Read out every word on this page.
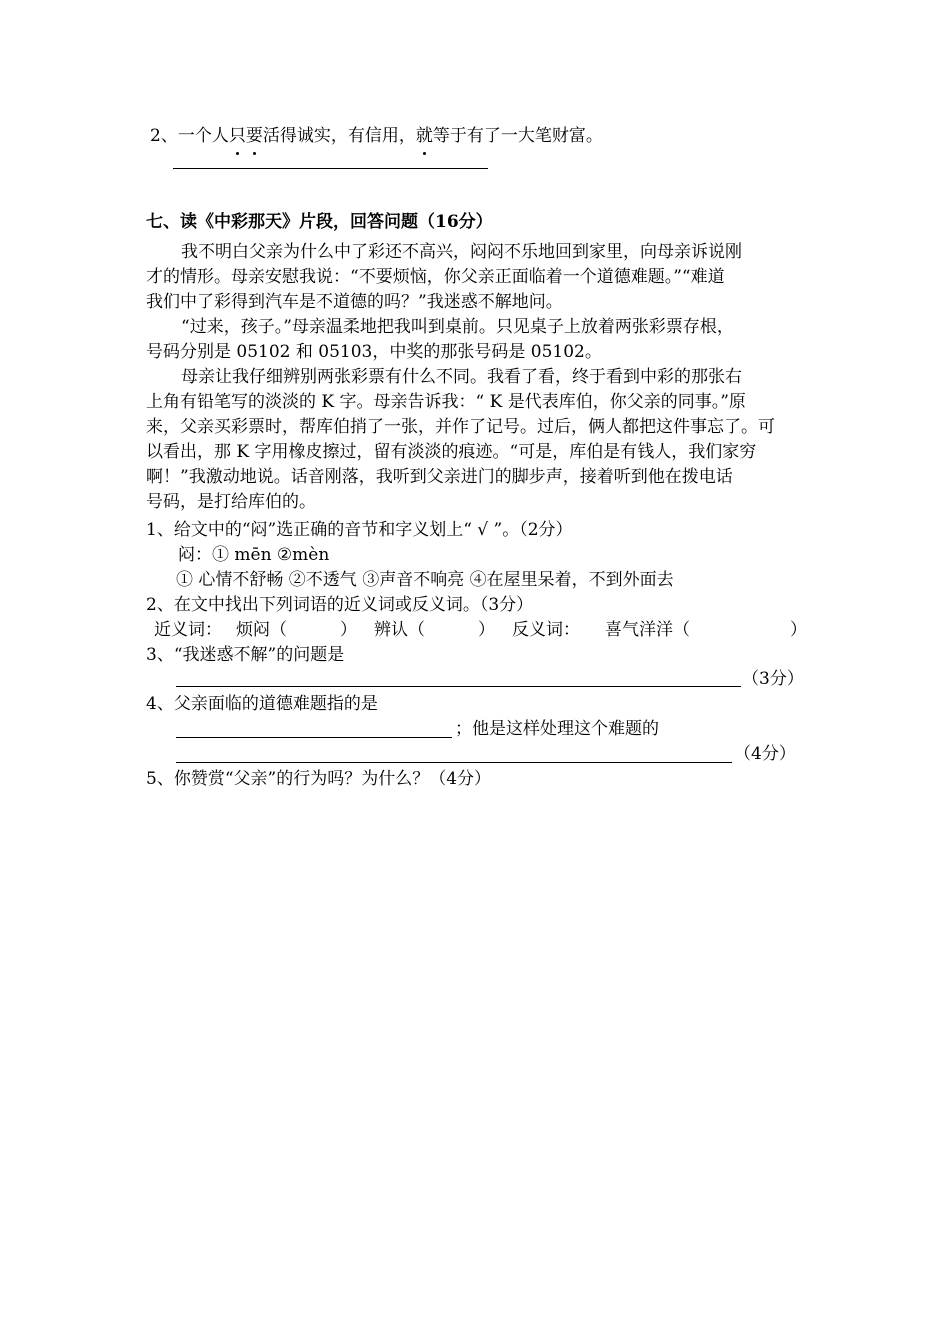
2、一个人只要活得诚实，有信用，就等于有了一大笔财富。
七、读《中彩那天》片段，回答问题（16分）
我不明白父亲为什么中了彩还不高兴，闷闷不乐地回到家里，向母亲诉说刚
才的情形。母亲安慰我说：“不要烦恼，你父亲正面临着一个道德难题。”“难道
我们中了彩得到汽车是不道德的吗？”我迷惑不解地问。
“过来，孩子。”母亲温柔地把我叫到桌前。只见桌子上放着两张彩票存根，
号码分别是 05102 和 05103，中奖的那张号码是 05102。
母亲让我仔细辨别两张彩票有什么不同。我看了看，终于看到中彩的那张右
上角有铅笔写的淡淡的 K 字。母亲告诉我：“ K 是代表库伯，你父亲的同事。”原
来，父亲买彩票时，帮库伯捎了一张，并作了记号。过后，俩人都把这件事忘了。可
以看出，那 K 字用橡皮擦过，留有淡淡的痕迹。“可是，库伯是有钱人，我们家穷
啊！”我激动地说。话音刚落，我听到父亲进门的脚步声，接着听到他在拨电话
号码，是打给库伯的。
1、给文中的“闷”选正确的音节和字义划上“ √ ”。（2分）
闷：① mēn ②mèn
① 心情不舒畅 ②不透气 ③声音不响亮 ④在屋里呆着，不到外面去
2、在文中找出下列词语的近义词或反义词。（3分）
近义词： 烦闷（	） 辨认（	） 反义词： 喜气洋洋（	）
3、“我迷惑不解”的问题是
（3分）
4、父亲面临的道德难题指的是
；他是这样处理这个难题的
（4分）
5、你赞赏“父亲”的行为吗？为什么？（4分）
